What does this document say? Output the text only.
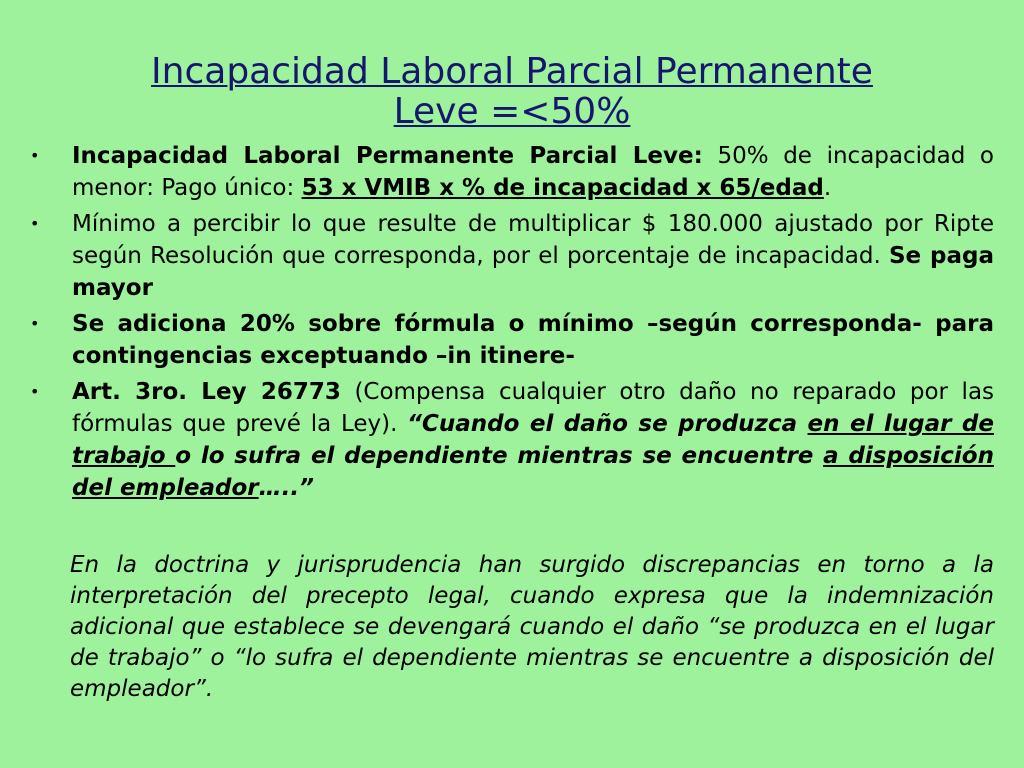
Incapacidad Laboral Parcial Permanente
Leve =<50%
•	Incapacidad Laboral Permanente Parcial Leve: 50% de incapacidad o menor: Pago único: 53 x VMIB x % de incapacidad x 65/edad.
•	Mínimo a percibir lo que resulte de multiplicar $ 180.000 ajustado por Ripte según Resolución que corresponda, por el porcentaje de incapacidad. Se paga mayor
•	Se adiciona 20% sobre fórmula o mínimo –según corresponda- para contingencias exceptuando –in itinere-
•	Art. 3ro. Ley 26773 (Compensa cualquier otro daño no reparado por las fórmulas que prevé la Ley). “Cuando el daño se produzca en el lugar de trabajo o lo sufra el dependiente mientras se encuentre a disposición del empleador…..”
En la doctrina y jurisprudencia han surgido discrepancias en torno a la interpretación del precepto legal, cuando expresa que la indemnización adicional que establece se devengará cuando el daño “se produzca en el lugar de trabajo” o “lo sufra el dependiente mientras se encuentre a disposición del empleador”.
